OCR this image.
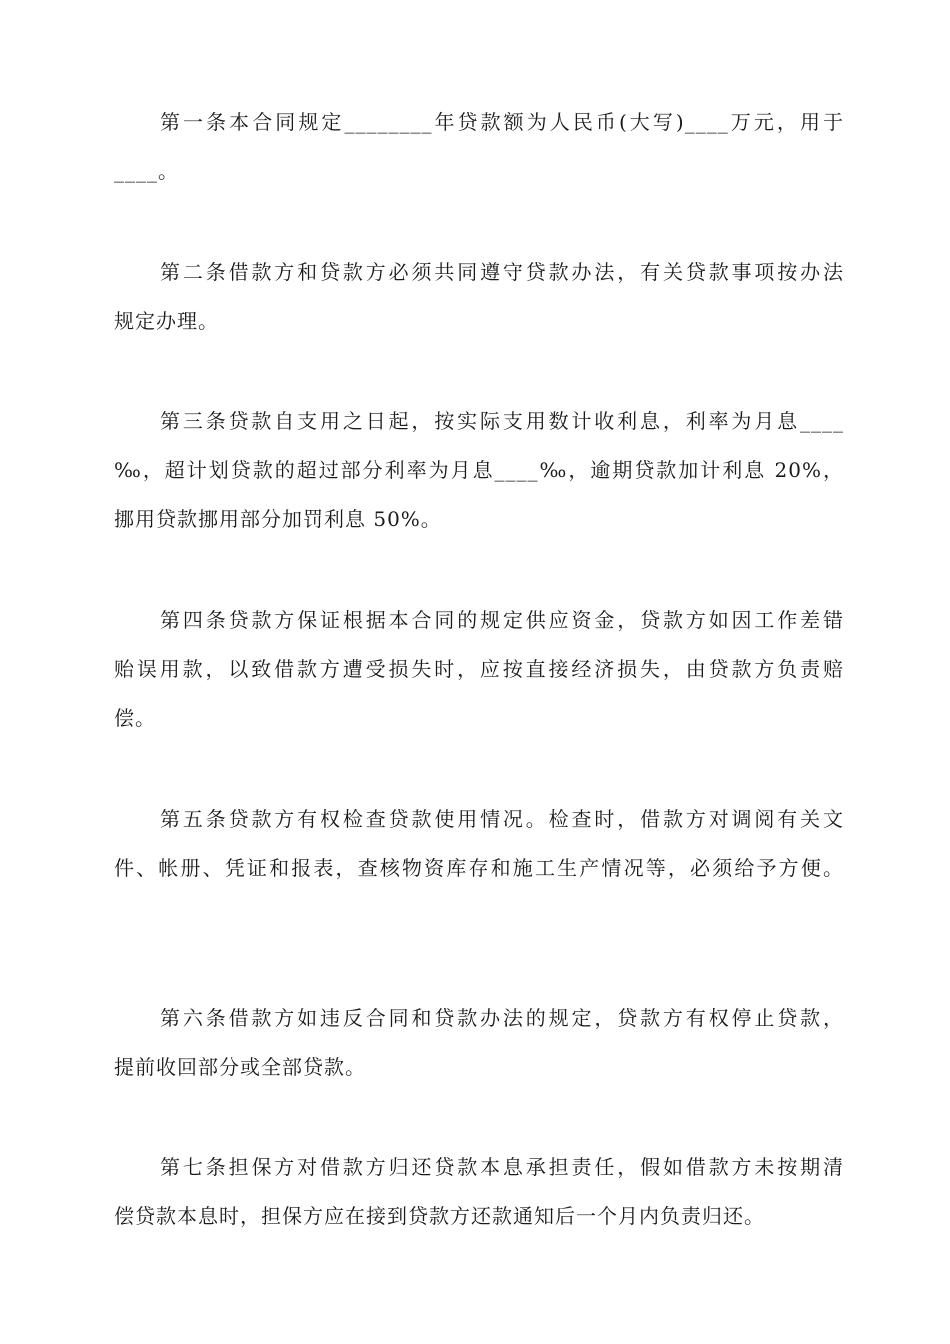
第一条本合同规定________年贷款额为人民币(大写)____万元，用于
____。
第二条借款方和贷款方必须共同遵守贷款办法，有关贷款事项按办法
规定办理。
第三条贷款自支用之日起，按实际支用数计收利息，利率为月息____
‰，超计划贷款的超过部分利率为月息____‰，逾期贷款加计利息 20%，
挪用贷款挪用部分加罚利息 50%。
第四条贷款方保证根据本合同的规定供应资金，贷款方如因工作差错
贻误用款，以致借款方遭受损失时，应按直接经济损失，由贷款方负责赔
偿。
第五条贷款方有权检查贷款使用情况。检查时，借款方对调阅有关文
件、帐册、凭证和报表，查核物资库存和施工生产情况等，必须给予方便。
第六条借款方如违反合同和贷款办法的规定，贷款方有权停止贷款，
提前收回部分或全部贷款。
第七条担保方对借款方归还贷款本息承担责任，假如借款方未按期清
偿贷款本息时，担保方应在接到贷款方还款通知后一个月内负责归还。
